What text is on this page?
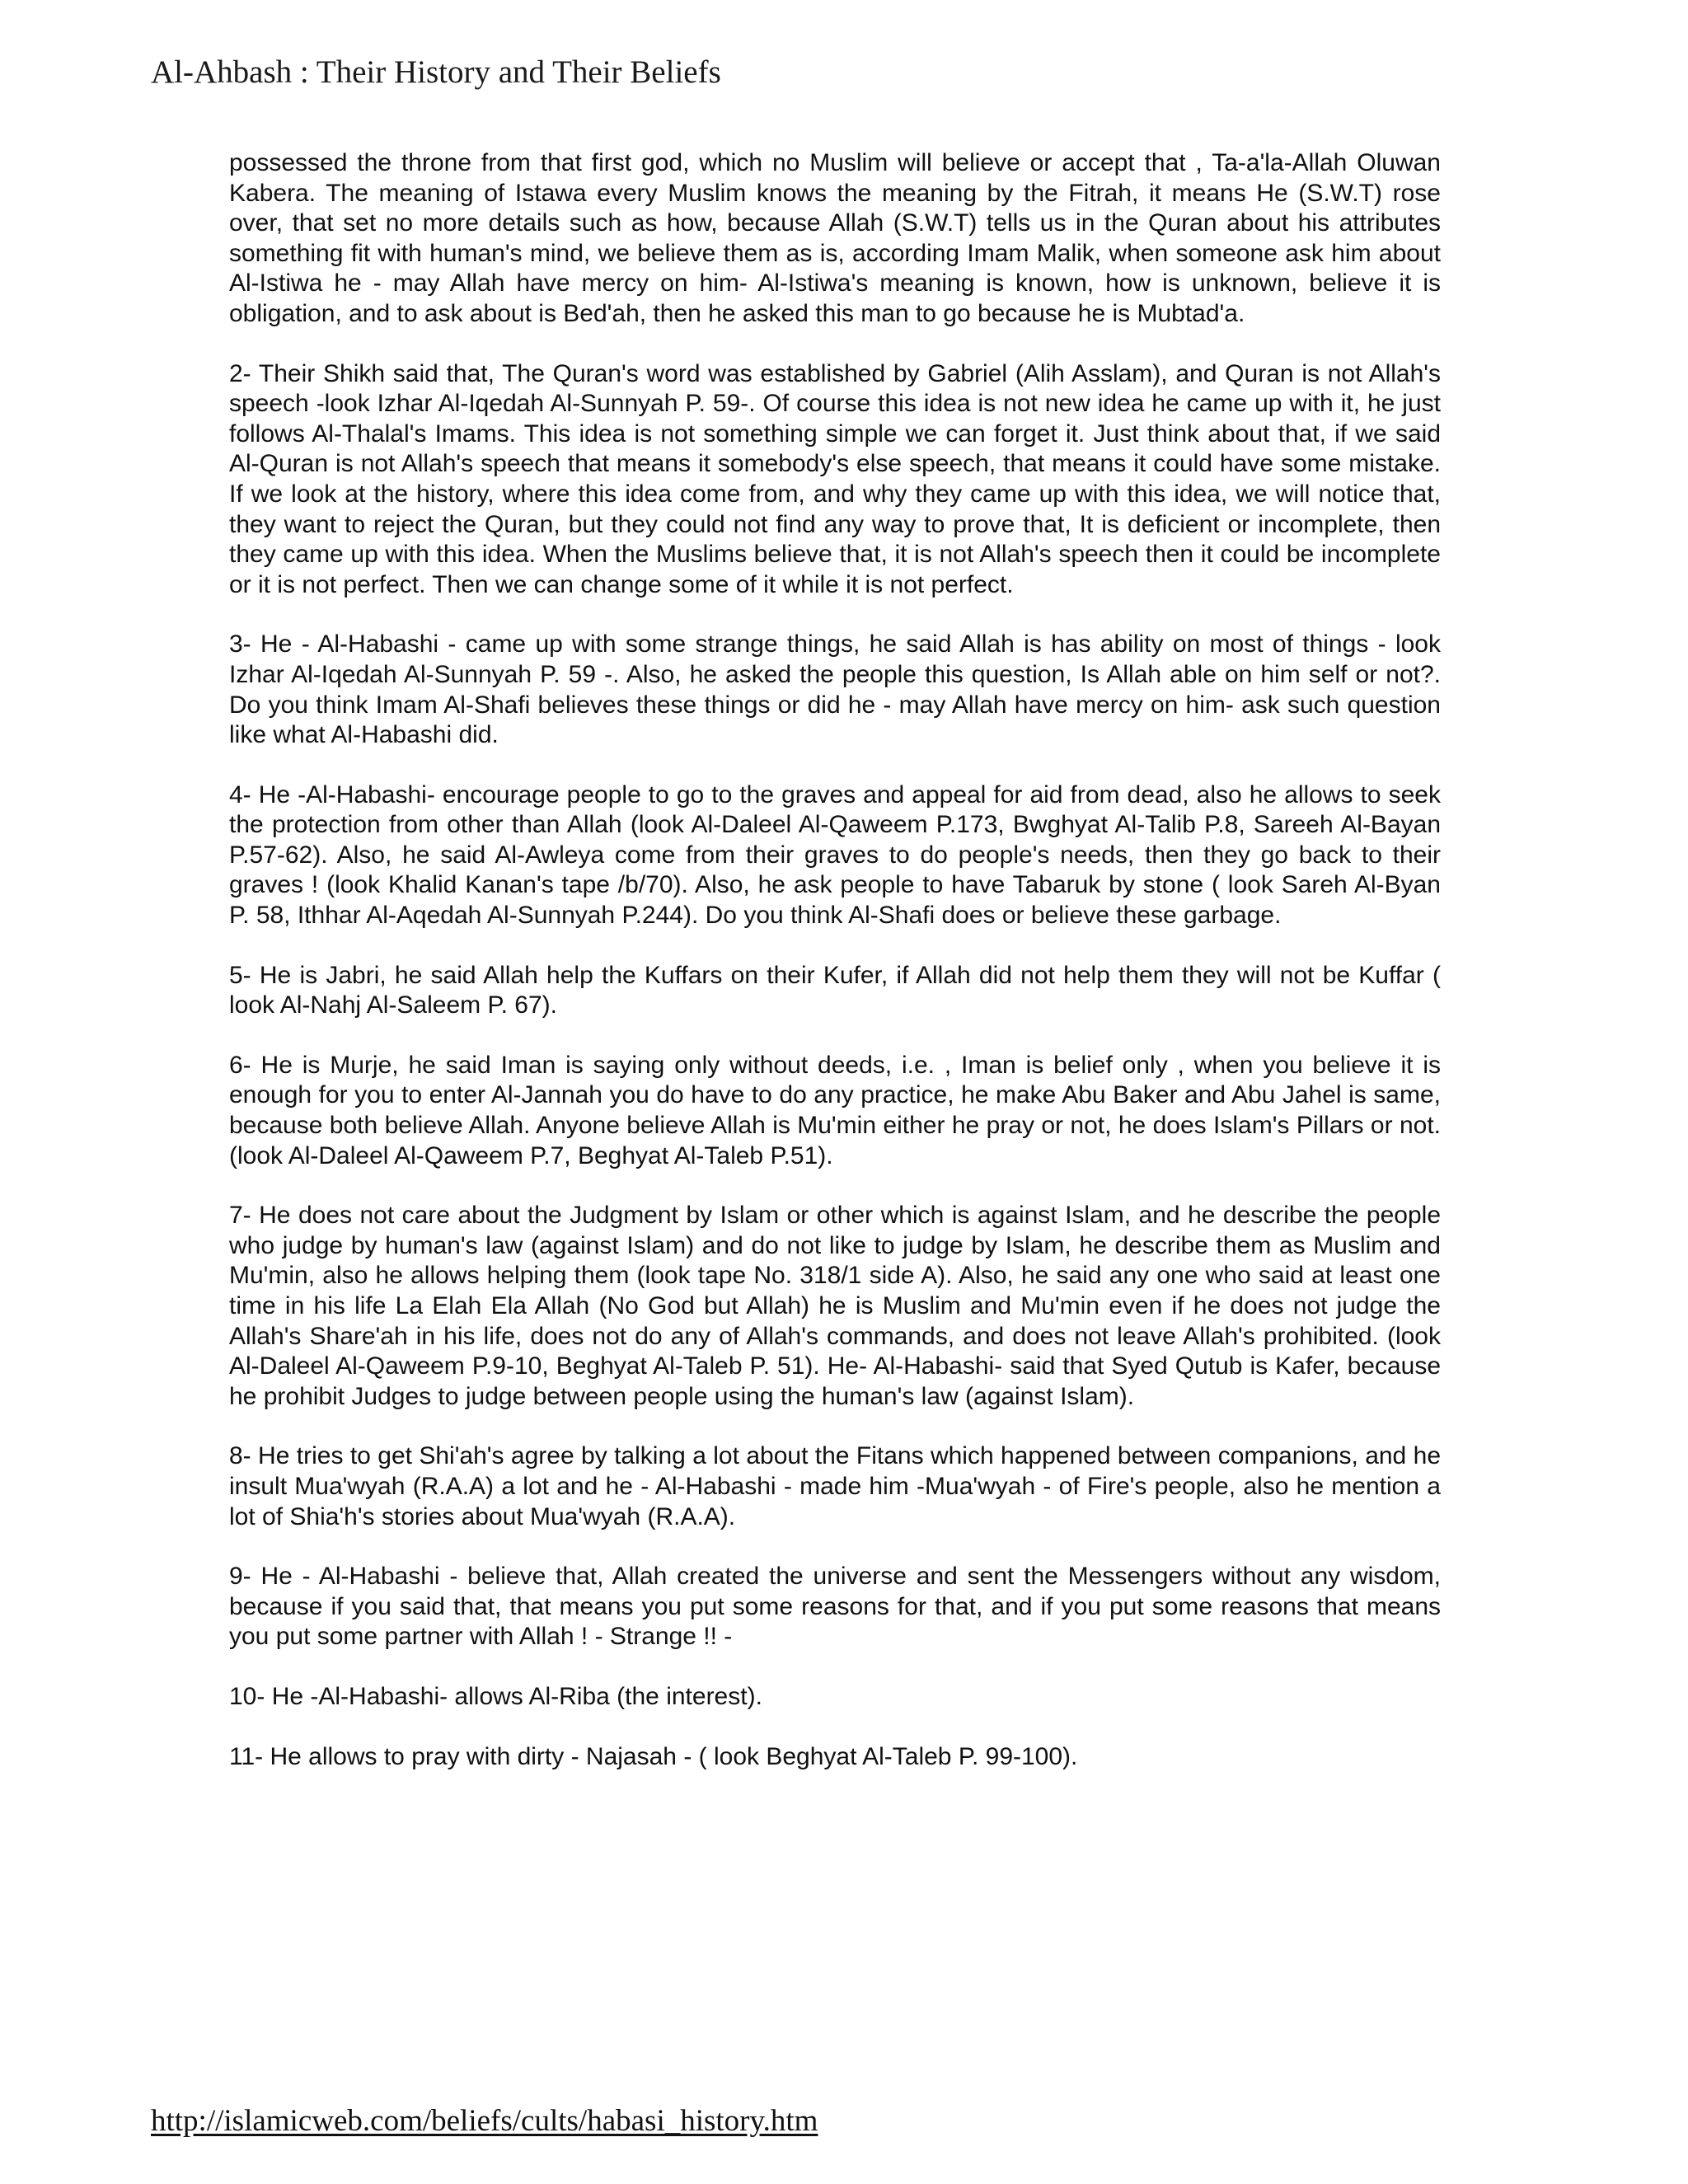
Al-Ahbash : Their History and Their Beliefs

possessed the throne from that first god, which no Muslim will believe or accept that , Ta-a'la-Allah Oluwan Kabera. The meaning of Istawa every Muslim knows the meaning by the Fitrah, it means He (S.W.T) rose over, that set no more details such as how, because Allah (S.W.T) tells us in the Quran about his attributes something fit with human's mind, we believe them as is, according Imam Malik, when someone ask him about Al-Istiwa he - may Allah have mercy on him- Al-Istiwa's meaning is known, how is unknown, believe it is obligation, and to ask about is Bed'ah, then he asked this man to go because he is Mubtad'a.

2- Their Shikh said that, The Quran's word was established by Gabriel (Alih Asslam), and Quran is not Allah's speech -look Izhar Al-Iqedah Al-Sunnyah P. 59-. Of course this idea is not new idea he came up with it, he just follows Al-Thalal's Imams. This idea is not something simple we can forget it. Just think about that, if we said Al-Quran is not Allah's speech that means it somebody's else speech, that means it could have some mistake. If we look at the history, where this idea come from, and why they came up with this idea, we will notice that, they want to reject the Quran, but they could not find any way to prove that, It is deficient or incomplete, then they came up with this idea. When the Muslims believe that, it is not Allah's speech then it could be incomplete or it is not perfect. Then we can change some of it while it is not perfect.

3- He - Al-Habashi - came up with some strange things, he said Allah is has ability on most of things - look Izhar Al-Iqedah Al-Sunnyah P. 59 -. Also, he asked the people this question, Is Allah able on him self or not?. Do you think Imam Al-Shafi believes these things or did he - may Allah have mercy on him- ask such question like what Al-Habashi did.

4- He -Al-Habashi- encourage people to go to the graves and appeal for aid from dead, also he allows to seek the protection from other than Allah (look Al-Daleel Al-Qaweem P.173, Bwghyat Al-Talib P.8, Sareeh Al-Bayan P.57-62). Also, he said Al-Awleya come from their graves to do people's needs, then they go back to their graves ! (look Khalid Kanan's tape /b/70). Also, he ask people to have Tabaruk by stone ( look Sareh Al-Byan P. 58, Ithhar Al-Aqedah Al-Sunnyah P.244). Do you think Al-Shafi does or believe these garbage.

5- He is Jabri, he said Allah help the Kuffars on their Kufer, if Allah did not help them they will not be Kuffar ( look Al-Nahj Al-Saleem P. 67).

6- He is Murje, he said Iman is saying only without deeds, i.e. , Iman is belief only , when you believe it is enough for you to enter Al-Jannah you do have to do any practice, he make Abu Baker and Abu Jahel is same, because both believe Allah. Anyone believe Allah is Mu'min either he pray or not, he does Islam's Pillars or not. (look Al-Daleel Al-Qaweem P.7, Beghyat Al-Taleb P.51).

7- He does not care about the Judgment by Islam or other which is against Islam, and he describe the people who judge by human's law (against Islam) and do not like to judge by Islam, he describe them as Muslim and Mu'min, also he allows helping them (look tape No. 318/1 side A). Also, he said any one who said at least one time in his life La Elah Ela Allah (No God but Allah) he is Muslim and Mu'min even if he does not judge the Allah's Share'ah in his life, does not do any of Allah's commands, and does not leave Allah's prohibited. (look Al-Daleel Al-Qaweem P.9-10, Beghyat Al-Taleb P. 51). He- Al-Habashi- said that Syed Qutub is Kafer, because he prohibit Judges to judge between people using the human's law (against Islam).

8- He tries to get Shi'ah's agree by talking a lot about the Fitans which happened between companions, and he insult Mua'wyah (R.A.A) a lot and he - Al-Habashi - made him -Mua'wyah - of Fire's people, also he mention a lot of Shia'h's stories about Mua'wyah (R.A.A).

9- He - Al-Habashi - believe that, Allah created the universe and sent the Messengers without any wisdom, because if you said that, that means you put some reasons for that, and if you put some reasons that means you put some partner with Allah ! - Strange !! -

10- He -Al-Habashi- allows Al-Riba (the interest).

11- He allows to pray with dirty - Najasah - ( look Beghyat Al-Taleb P. 99-100).

http://islamicweb.com/beliefs/cults/habasi_history.htm
